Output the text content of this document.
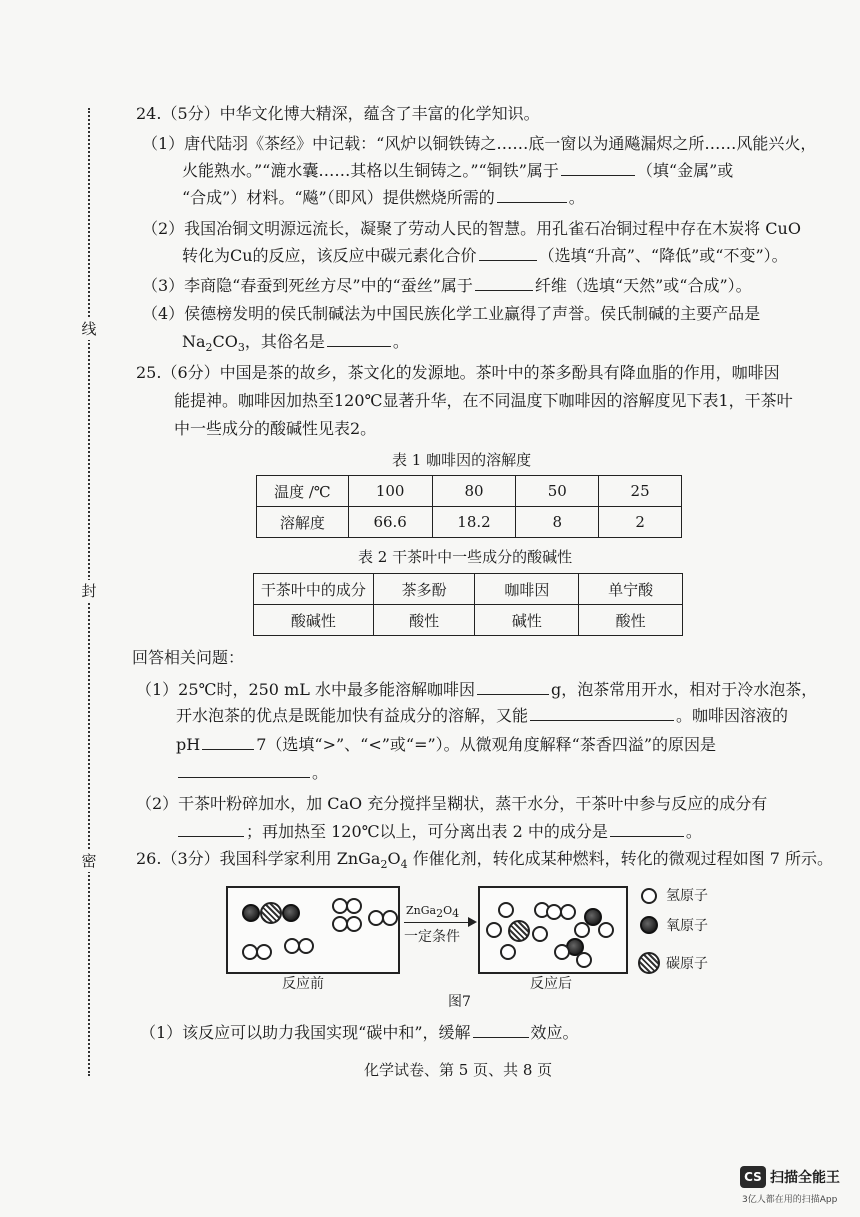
线
封
密
24.（5分）中华文化博大精深，蕴含了丰富的化学知识。
（1）唐代陆羽《茶经》中记载：“风炉以铜铁铸之……底一窗以为通飚漏烬之所……风能兴火，
火能熟水。”“漉水囊……其格以生铜铸之。”“铜铁”属于	（填“金属”或
“合成”）材料。“飚”（即风）提供燃烧所需的	。
（2）我国冶铜文明源远流长，凝聚了劳动人民的智慧。用孔雀石冶铜过程中存在木炭将 CuO
转化为Cu的反应，该反应中碳元素化合价	（选填“升高”、“降低”或“不变”）。
（3）李商隐“春蚕到死丝方尽”中的“蚕丝”属于	纤维（选填“天然”或“合成”）。
（4）侯德榜发明的侯氏制碱法为中国民族化学工业赢得了声誉。侯氏制碱的主要产品是
$Na_2CO_3$，其俗名是	。
25.（6分）中国是茶的故乡，茶文化的发源地。茶叶中的茶多酚具有降血脂的作用，咖啡因
能提神。咖啡因加热至120℃显著升华，在不同温度下咖啡因的溶解度见下表1，干茶叶
中一些成分的酸碱性见表2。
表 1 咖啡因的溶解度
温度 /℃	100	80	50	25
溶解度	66.6	18.2	8	2
表 2 干茶叶中一些成分的酸碱性
干茶叶中的成分	茶多酚	咖啡因	单宁酸
酸碱性	酸性	碱性	酸性
回答相关问题：
（1）25℃时，250 mL 水中最多能溶解咖啡因	g，泡茶常用开水，相对于冷水泡茶，
开水泡茶的优点是既能加快有益成分的溶解，又能	。咖啡因溶液的
pH	7（选填“>”、“<”或“=”）。从微观角度解释“茶香四溢”的原因是
。
（2）干茶叶粉碎加水，加 CaO 充分搅拌呈糊状，蒸干水分，干茶叶中参与反应的成分有
；再加热至 120℃以上，可分离出表 2 中的成分是	。
26.（3分）我国科学家利用 $ZnGa_2O_4$ 作催化剂，转化成某种燃料，转化的微观过程如图 7 所示。
$ZnGa_2O_4$
一定条件
反应前	反应后
图7
氢原子
氧原子
碳原子
（1）该反应可以助力我国实现“碳中和”，缓解	效应。
化学试卷、第 5 页、共 8 页
CS 扫描全能王
3亿人都在用的扫描App
